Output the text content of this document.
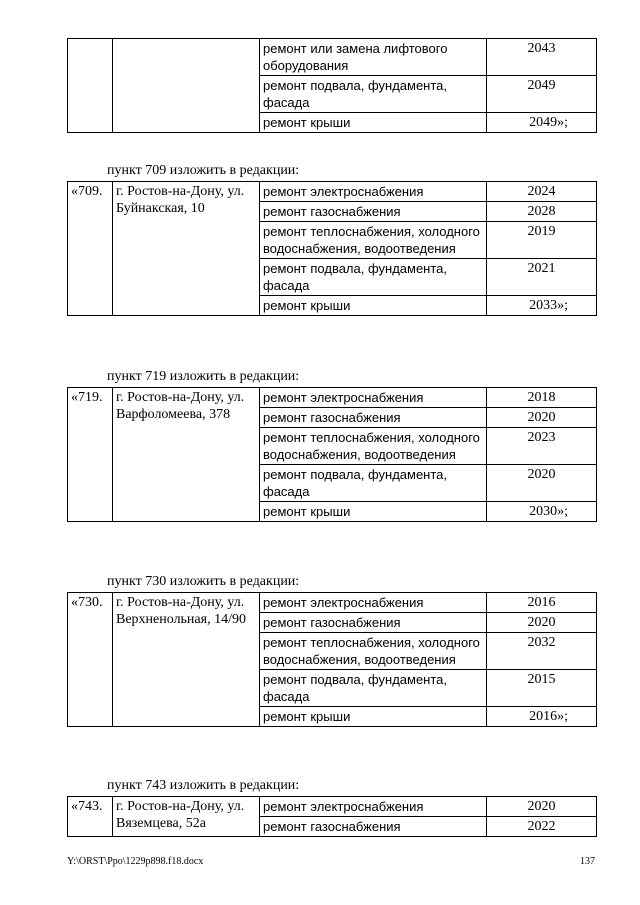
		ремонт или замена лифтового оборудования	2043
		ремонт подвала, фундамента, фасада	2049
		ремонт крыши	2049»;
пункт 709 изложить в редакции:
«709.	г. Ростов-на-Дону, ул. Буйнакская, 10	ремонт электроснабжения	2024
		ремонт газоснабжения	2028
		ремонт теплоснабжения, холодного водоснабжения, водоотведения	2019
		ремонт подвала, фундамента, фасада	2021
		ремонт крыши	2033»;
пункт 719 изложить в редакции:
«719.	г. Ростов-на-Дону, ул. Варфоломеева, 378	ремонт электроснабжения	2018
		ремонт газоснабжения	2020
		ремонт теплоснабжения, холодного водоснабжения, водоотведения	2023
		ремонт подвала, фундамента, фасада	2020
		ремонт крыши	2030»;
пункт 730 изложить в редакции:
«730.	г. Ростов-на-Дону, ул. Верхненольная, 14/90	ремонт электроснабжения	2016
		ремонт газоснабжения	2020
		ремонт теплоснабжения, холодного водоснабжения, водоотведения	2032
		ремонт подвала, фундамента, фасада	2015
		ремонт крыши	2016»;
пункт 743 изложить в редакции:
«743.	г. Ростов-на-Дону, ул. Вяземцева, 52а	ремонт электроснабжения	2020
		ремонт газоснабжения	2022
Y:\ORST\Ppo\1229p898.f18.docx	137
